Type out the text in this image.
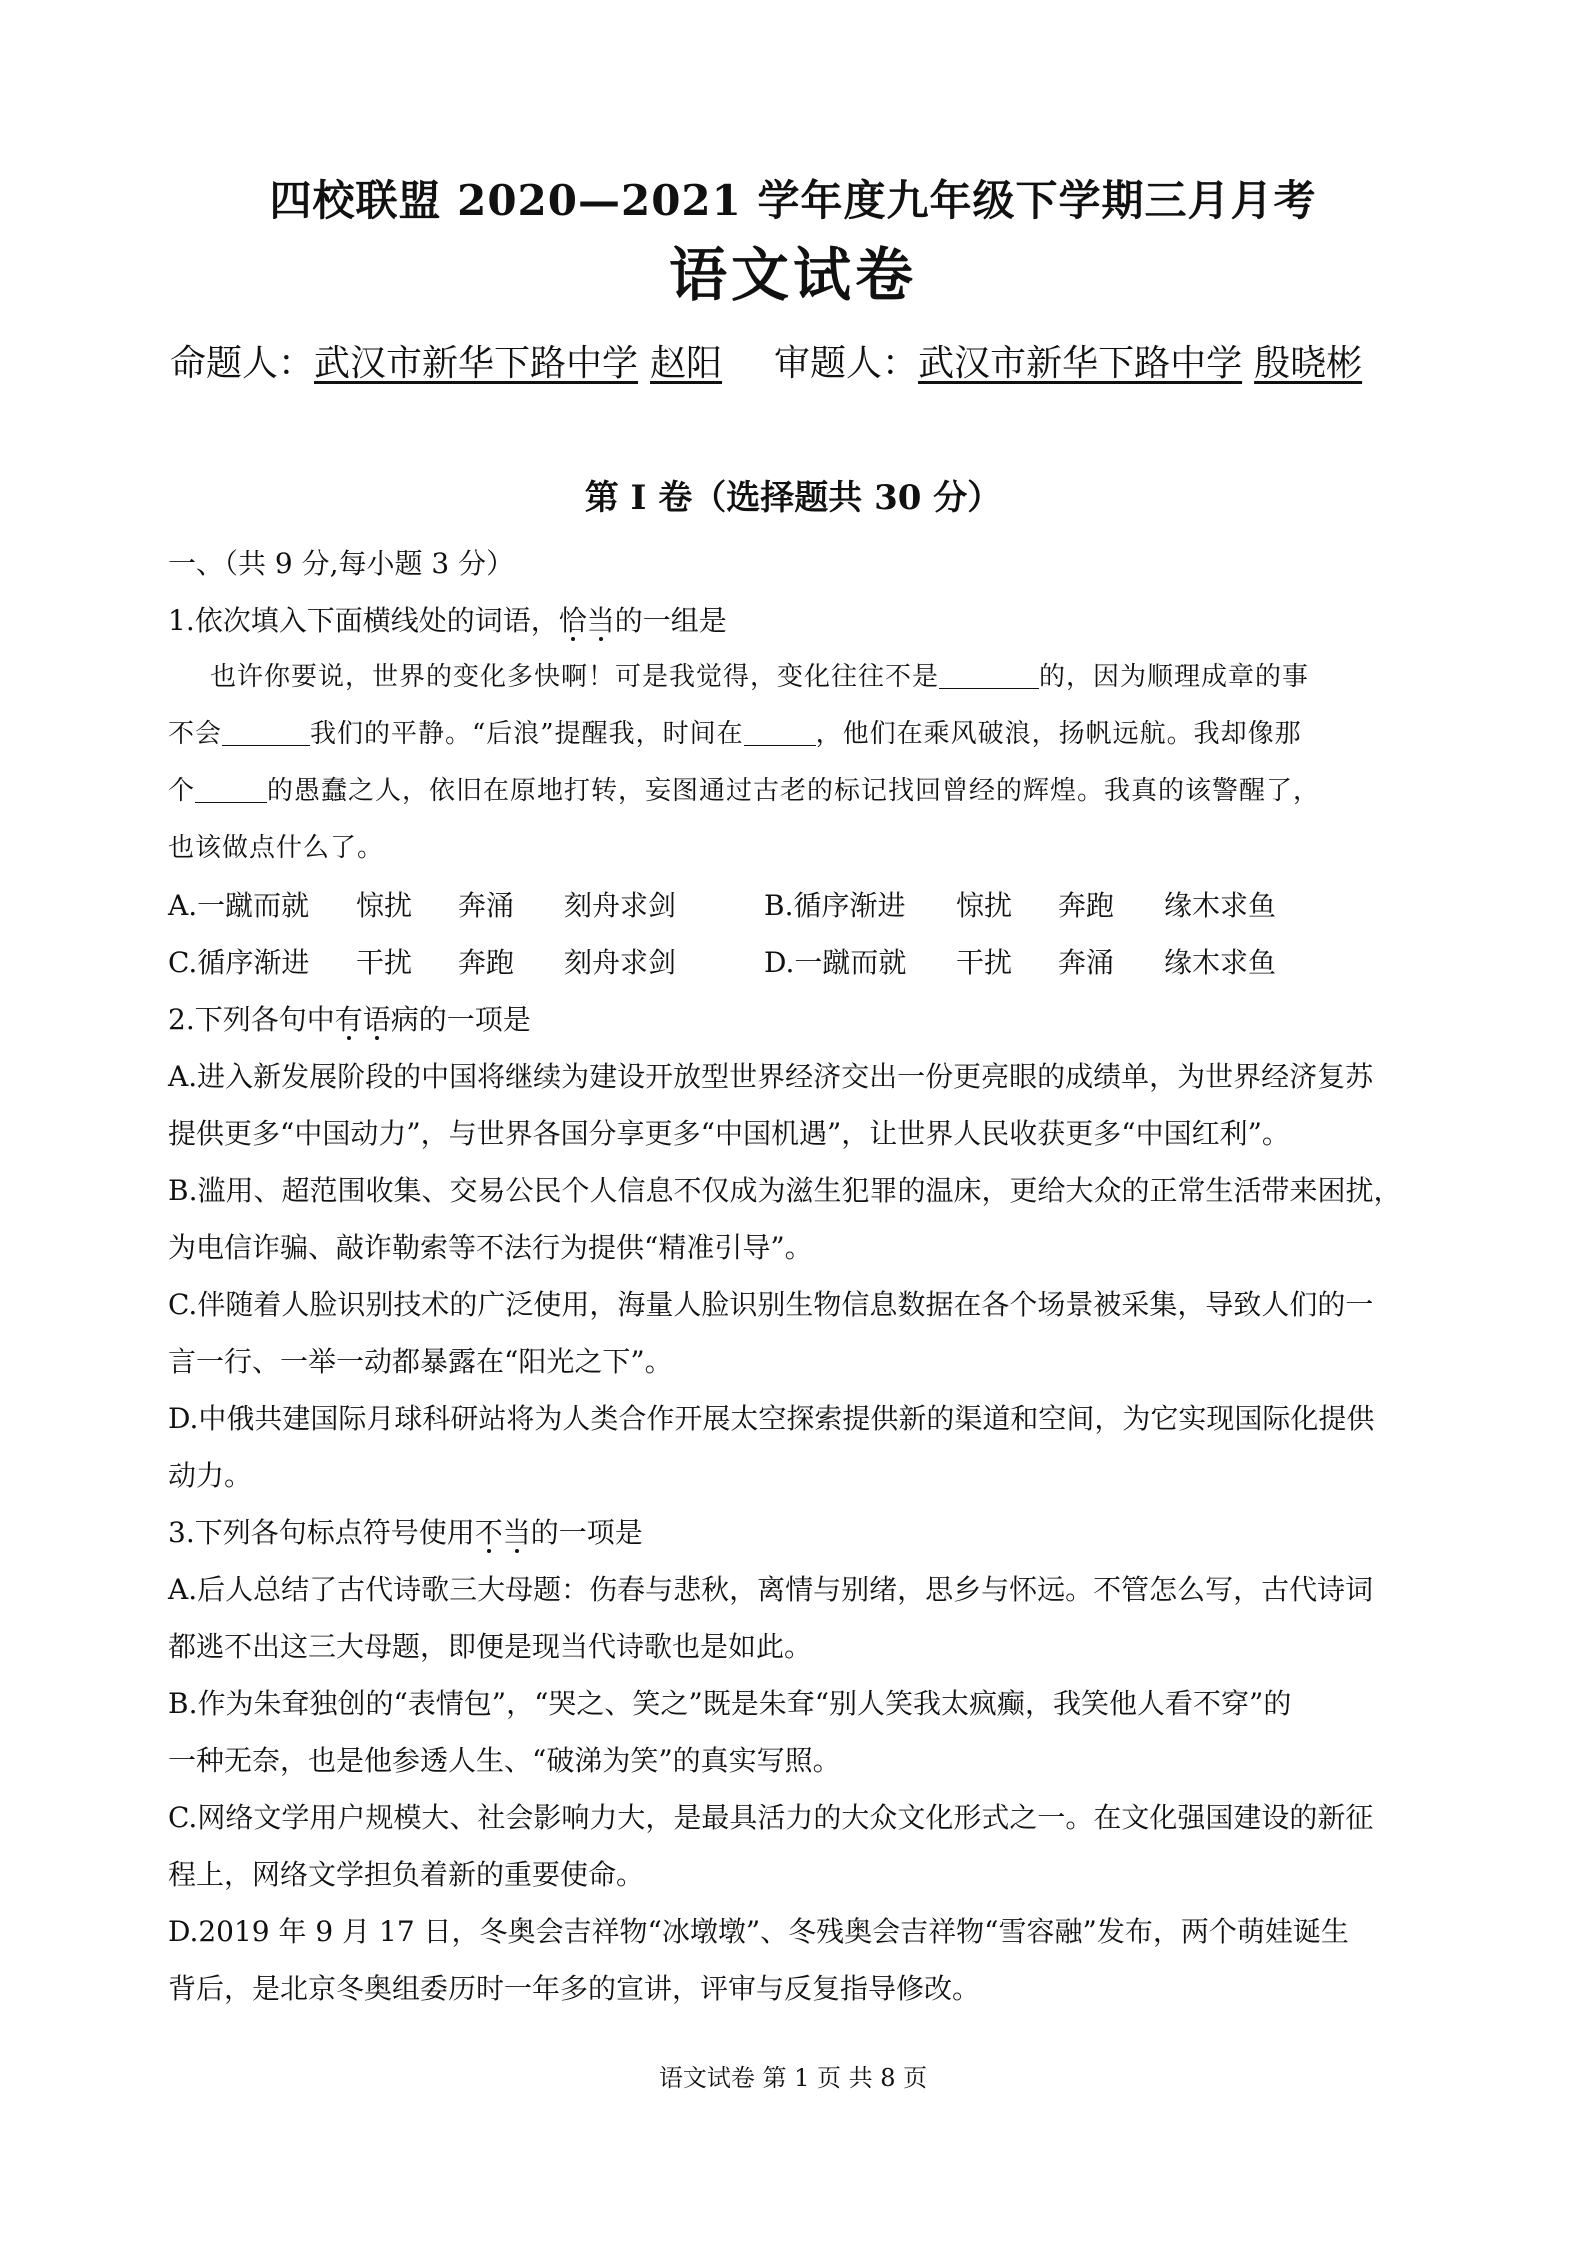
四校联盟 2020—2021 学年度九年级下学期三月月考
语文试卷
命题人：武汉市新华下路中学 赵阳 审题人：武汉市新华下路中学 殷晓彬
第 I 卷（选择题共 30 分）
一、（共 9 分,每小题 3 分）
1.依次填入下面横线处的词语，恰当的一组是
也许你要说，世界的变化多快啊！可是我觉得，变化往往不是	的，因为顺理成章的事
不会	我们的平静。“后浪”提醒我，时间在	，他们在乘风破浪，扬帆远航。我却像那
个	的愚蠢之人，依旧在原地打转，妄图通过古老的标记找回曾经的辉煌。我真的该警醒了，
也该做点什么了。
A.一蹴而就 惊扰 奔涌 刻舟求剑	B.循序渐进 惊扰 奔跑 缘木求鱼
C.循序渐进 干扰 奔跑 刻舟求剑	D.一蹴而就 干扰 奔涌 缘木求鱼
2.下列各句中有语病的一项是
A.进入新发展阶段的中国将继续为建设开放型世界经济交出一份更亮眼的成绩单，为世界经济复苏
提供更多“中国动力”，与世界各国分享更多“中国机遇”，让世界人民收获更多“中国红利”。
B.滥用、超范围收集、交易公民个人信息不仅成为滋生犯罪的温床，更给大众的正常生活带来困扰，
为电信诈骗、敲诈勒索等不法行为提供“精准引导”。
C.伴随着人脸识别技术的广泛使用，海量人脸识别生物信息数据在各个场景被采集，导致人们的一
言一行、一举一动都暴露在“阳光之下”。
D.中俄共建国际月球科研站将为人类合作开展太空探索提供新的渠道和空间，为它实现国际化提供
动力。
3.下列各句标点符号使用不当的一项是
A.后人总结了古代诗歌三大母题：伤春与悲秋，离情与别绪，思乡与怀远。不管怎么写，古代诗词
都逃不出这三大母题，即便是现当代诗歌也是如此。
B.作为朱耷独创的“表情包”，“哭之、笑之”既是朱耷“别人笑我太疯癫，我笑他人看不穿”的
一种无奈，也是他参透人生、“破涕为笑”的真实写照。
C.网络文学用户规模大、社会影响力大，是最具活力的大众文化形式之一。在文化强国建设的新征
程上，网络文学担负着新的重要使命。
D.2019 年 9 月 17 日，冬奥会吉祥物“冰墩墩”、冬残奥会吉祥物“雪容融”发布，两个萌娃诞生
背后，是北京冬奥组委历时一年多的宣讲，评审与反复指导修改。
语文试卷 第 1 页 共 8 页
